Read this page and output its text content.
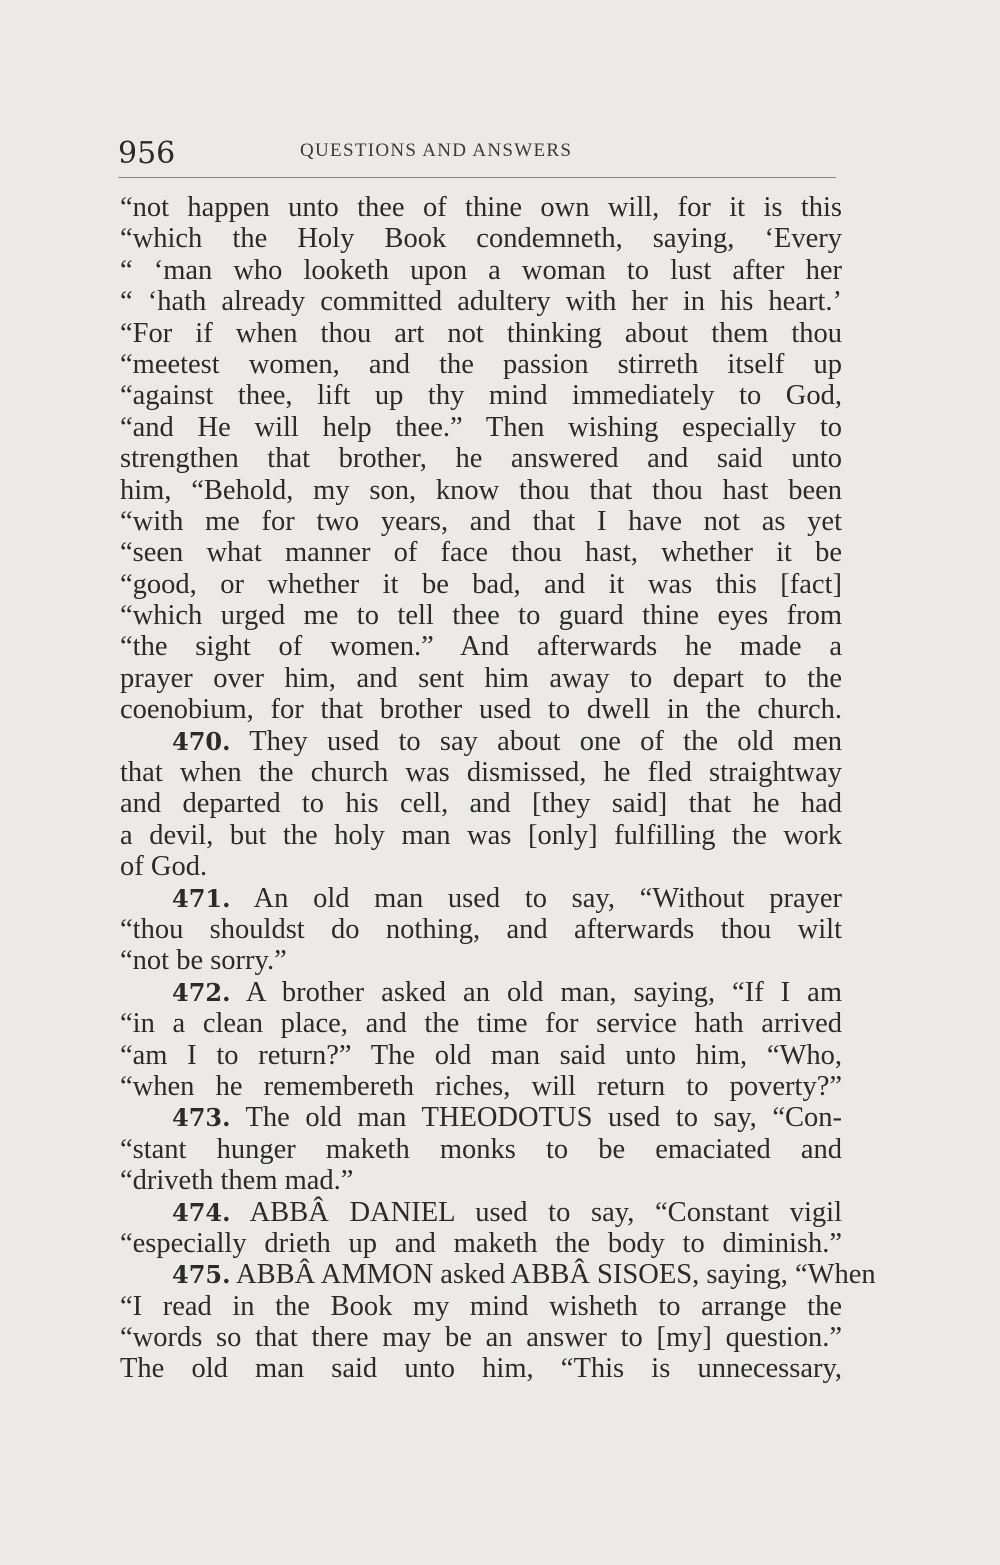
956	QUESTIONS AND ANSWERS
“not happen unto thee of thine own will, for it is this
“which the Holy Book condemneth, saying, ‘Every
“ ‘man who looketh upon a woman to lust after her
“ ‘hath already committed adultery with her in his heart.’
“For if when thou art not thinking about them thou
“meetest women, and the passion stirreth itself up
“against thee, lift up thy mind immediately to God,
“and He will help thee.” Then wishing especially to
strengthen that brother, he answered and said unto
him, “Behold, my son, know thou that thou hast been
“with me for two years, and that I have not as yet
“seen what manner of face thou hast, whether it be
“good, or whether it be bad, and it was this [fact]
“which urged me to tell thee to guard thine eyes from
“the sight of women.” And afterwards he made a
prayer over him, and sent him away to depart to the
coenobium, for that brother used to dwell in the church.
470. They used to say about one of the old men
that when the church was dismissed, he fled straightway
and departed to his cell, and [they said] that he had
a devil, but the holy man was [only] fulfilling the work
of God.
471. An old man used to say, “Without prayer
“thou shouldst do nothing, and afterwards thou wilt
“not be sorry.”
472. A brother asked an old man, saying, “If I am
“in a clean place, and the time for service hath arrived
“am I to return?” The old man said unto him, “Who,
“when he remembereth riches, will return to poverty?”
473. The old man THEODOTUS used to say, “Con-
“stant hunger maketh monks to be emaciated and
“driveth them mad.”
474. ABBÂ DANIEL used to say, “Constant vigil
“especially drieth up and maketh the body to diminish.”
475. ABBÂ AMMON asked ABBÂ SISOES, saying, “When
“I read in the Book my mind wisheth to arrange the
“words so that there may be an answer to [my] question.”
The old man said unto him, “This is unnecessary,
